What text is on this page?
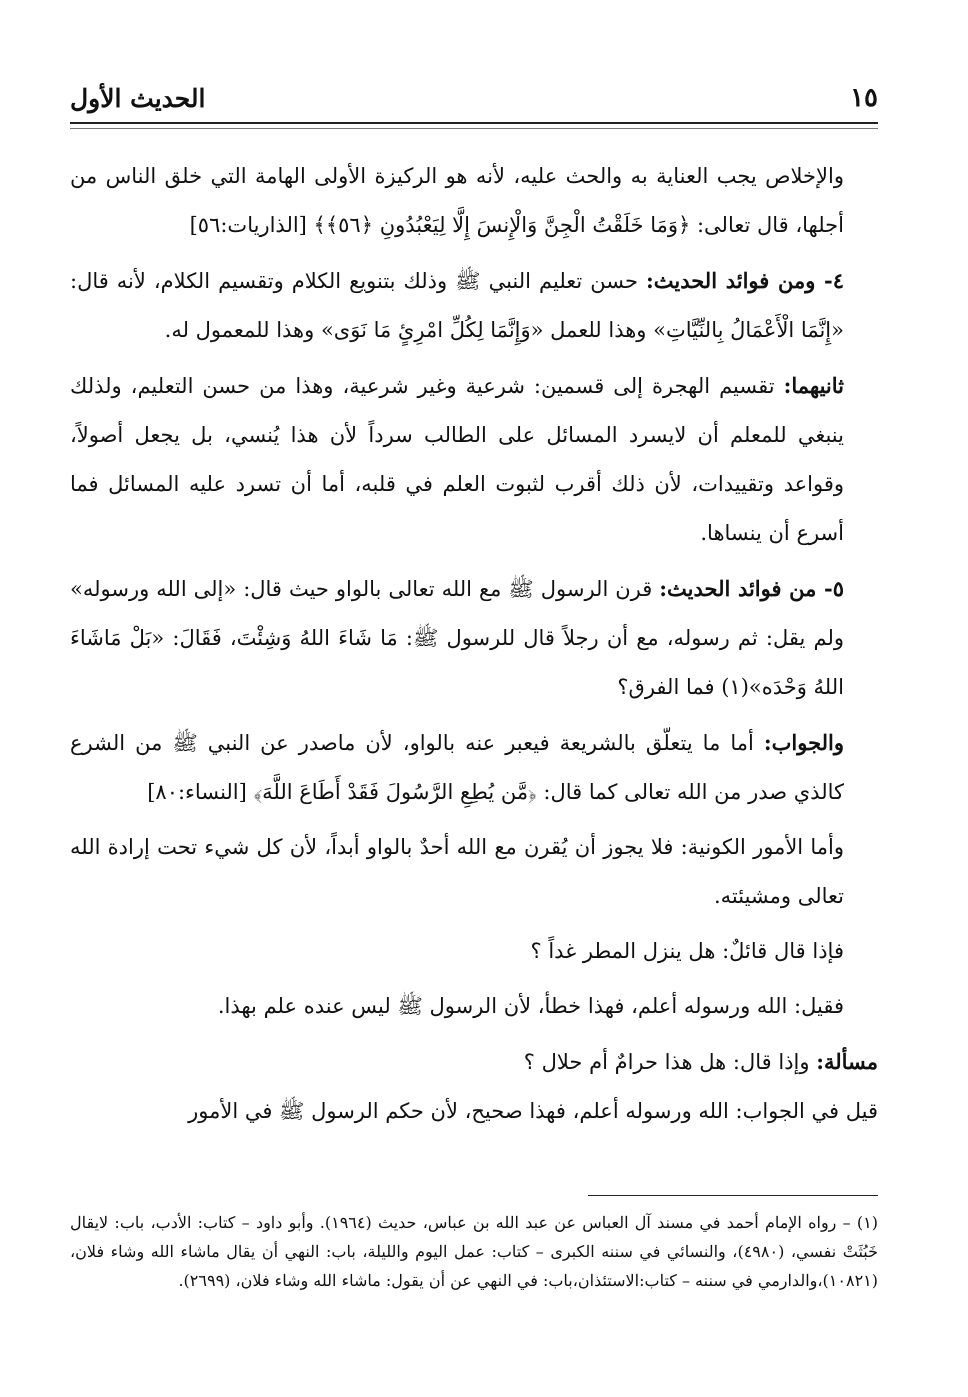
١٥
الحديث الأول

والإخلاص يجب العناية به والحث عليه، لأنه هو الركيزة الأولى الهامة التي خلق الناس من أجلها، قال تعالى: ﴿وَمَا خَلَقْتُ الْجِنَّ وَالْإِنسَ إِلَّا لِيَعْبُدُونِ ﴿٥٦﴾﴾ [الذاريات:٥٦]

٤- ومن فوائد الحديث: حسن تعليم النبي ﷺ وذلك بتنويع الكلام وتقسيم الكلام، لأنه قال: «إِنَّمَا الْأَعْمَالُ بِالنِّيَّاتِ» وهذا للعمل «وَإِنَّمَا لِكُلِّ امْرِئٍ مَا نَوَى» وهذا للمعمول له.

ثانيهما: تقسيم الهجرة إلى قسمين: شرعية وغير شرعية، وهذا من حسن التعليم، ولذلك ينبغي للمعلم أن لايسرد المسائل على الطالب سرداً لأن هذا يُنسي، بل يجعل أصولاً، وقواعد وتقييدات، لأن ذلك أقرب لثبوت العلم في قلبه، أما أن تسرد عليه المسائل فما أسرع أن ينساها.

٥- من فوائد الحديث: قرن الرسول ﷺ مع الله تعالى بالواو حيث قال: «إلى الله ورسوله» ولم يقل: ثم رسوله، مع أن رجلاً قال للرسول ﷺ: مَا شَاءَ اللهُ وَشِئْتَ، فَقَالَ: «بَلْ مَاشَاءَ اللهُ وَحْدَه»(١) فما الفرق؟

والجواب: أما ما يتعلّق بالشريعة فيعبر عنه بالواو، لأن ماصدر عن النبي ﷺ من الشرع كالذي صدر من الله تعالى كما قال: ﴿مَّن يُطِعِ الرَّسُولَ فَقَدْ أَطَاعَ اللَّهَ﴾ [النساء:٨٠]

وأما الأمور الكونية: فلا يجوز أن يُقرن مع الله أحدٌ بالواو أبداً، لأن كل شيء تحت إرادة الله تعالى ومشيئته.

فإذا قال قائلٌ: هل ينزل المطر غداً ؟

فقيل: الله ورسوله أعلم، فهذا خطأ، لأن الرسول ﷺ ليس عنده علم بهذا.

مسألة: وإذا قال: هل هذا حرامٌ أم حلال ؟

قيل في الجواب: الله ورسوله أعلم، فهذا صحيح، لأن حكم الرسول ﷺ في الأمور

(١) – رواه الإمام أحمد في مسند آل العباس عن عبد الله بن عباس، حديث (١٩٦٤). وأبو داود – كتاب: الأدب، باب: لايقال خَبُثَتْ نفسي، (٤٩٨٠)، والنسائي في سننه الكبرى – كتاب: عمل اليوم والليلة، باب: النهي أن يقال ماشاء الله وشاء فلان، (١٠٨٢١)،والدارمي في سننه – كتاب:الاستئذان،باب: في النهي عن أن يقول: ماشاء الله وشاء فلان، (٢٦٩٩).
